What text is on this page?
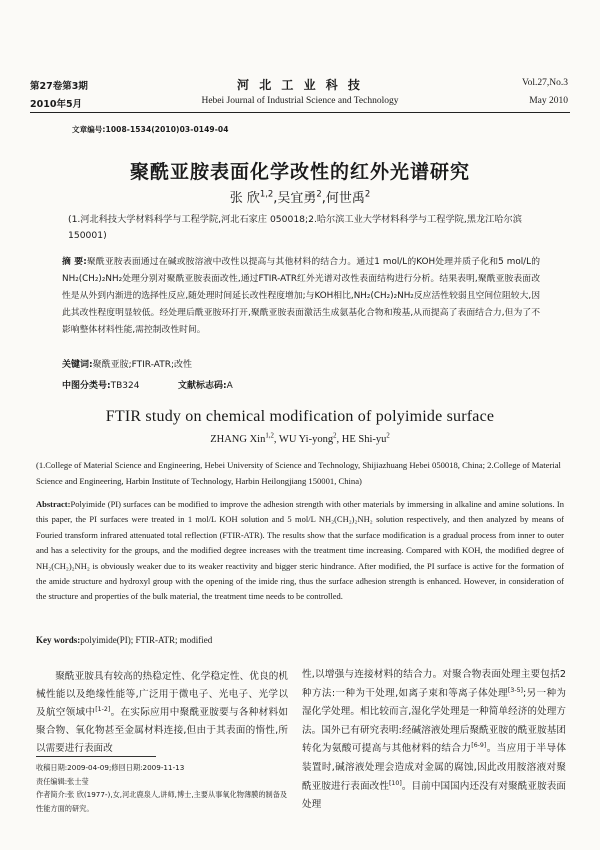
第27卷第3期
2010年5月
河 北 工 业 科 技
Hebei Journal of Industrial Science and Technology
Vol.27,No.3
May 2010
文章编号:1008-1534(2010)03-0149-04
聚酰亚胺表面化学改性的红外光谱研究
张 欣$^{1,2}$,吴宜勇$^2$,何世禹$^2$
(1.河北科技大学材料科学与工程学院,河北石家庄 050018;2.哈尔滨工业大学材料科学与工程学院,黑龙江哈尔滨 150001)
摘 要:聚酰亚胺表面通过在碱或胺溶液中改性以提高与其他材料的结合力。通过1 mol/L的KOH处理并质子化和5 mol/L的NH₂(CH₂)₂NH₂处理分别对聚酰亚胺表面改性,通过FTIR-ATR红外光谱对改性表面结构进行分析。结果表明,聚酰亚胺表面改性是从外到内渐进的选择性反应,随处理时间延长改性程度增加;与KOH相比,NH₂(CH₂)₂NH₂反应活性较弱且空间位阻较大,因此其改性程度明显较低。经处理后酰亚胺环打开,聚酰亚胺表面激活生成氨基化合物和羧基,从而提高了表面结合力,但为了不影响整体材料性能,需控制改性时间。
关键词:聚酰亚胺;FTIR-ATR;改性
中图分类号:TB324	文献标志码:A
FTIR study on chemical modification of polyimide surface
ZHANG Xin$^{1,2}$, WU Yi-yong$^2$, HE Shi-$yu^2$
(1.College of Material Science and Engineering, Hebei University of Science and Technology, Shijiazhuang Hebei 050018, China; 2.College of Material Science and Engineering, Harbin Institute of Technology, Harbin Heilongjiang 150001, China)
Abstract:Polyimide (PI) surfaces can be modified to improve the adhesion strength with other materials by immersing in alkaline and amine solutions. In this paper, the PI surfaces were treated in 1 mol/L KOH solution and 5 mol/L NH₂(CH₂)₂NH₂ solution respectively, and then analyzed by means of Fouried transform infrared attenuated total reflection (FTIR-ATR). The results show that the surface modification is a gradual process from inner to outer and has a selectivity for the groups, and the modified degree increases with the treatment time increasing. Compared with KOH, the modified degree of NH₂(CH₂)₂NH₂ is obviously weaker due to its weaker reactivity and bigger steric hindrance. After modified, the PI surface is active for the formation of the amide structure and hydroxyl group with the opening of the imide ring, thus the surface adhesion strength is enhanced. However, in consideration of the structure and properties of the bulk material, the treatment time needs to be controlled.
Key words:polyimide(PI); FTIR-ATR; modified
聚酰亚胺具有较高的热稳定性、化学稳定性、优良的机械性能以及绝缘性能等,广泛用于微电子、光电子、光学以及航空领域中[1-2]。在实际应用中聚酰亚胺要与各种材料如聚合物、氧化物甚至金属材料连接,但由于其表面的惰性,所以需要进行表面改
性,以增强与连接材料的结合力。对聚合物表面处理主要包括2种方法:一种为干处理,如离子束和等离子体处理[3-5];另一种为湿化学处理。相比较而言,湿化学处理是一种简单经济的处理方法。国外已有研究表明:经碱溶液处理后聚酰亚胺的酰亚胺基团转化为氨酸可提高与其他材料的结合力[6-9]。当应用于半导体装置时,碱溶液处理会造成对金属的腐蚀,因此改用胺溶液对聚酰亚胺进行表面改性[10]。目前中国国内还没有对聚酰亚胺表面处理
收稿日期:2009-04-09;修回日期:2009-11-13
责任编辑:张士莹
作者简介:张 欣(1977-),女,河北鹿泉人,讲师,博士,主要从事氧化物薄膜的制备及性能方面的研究。
